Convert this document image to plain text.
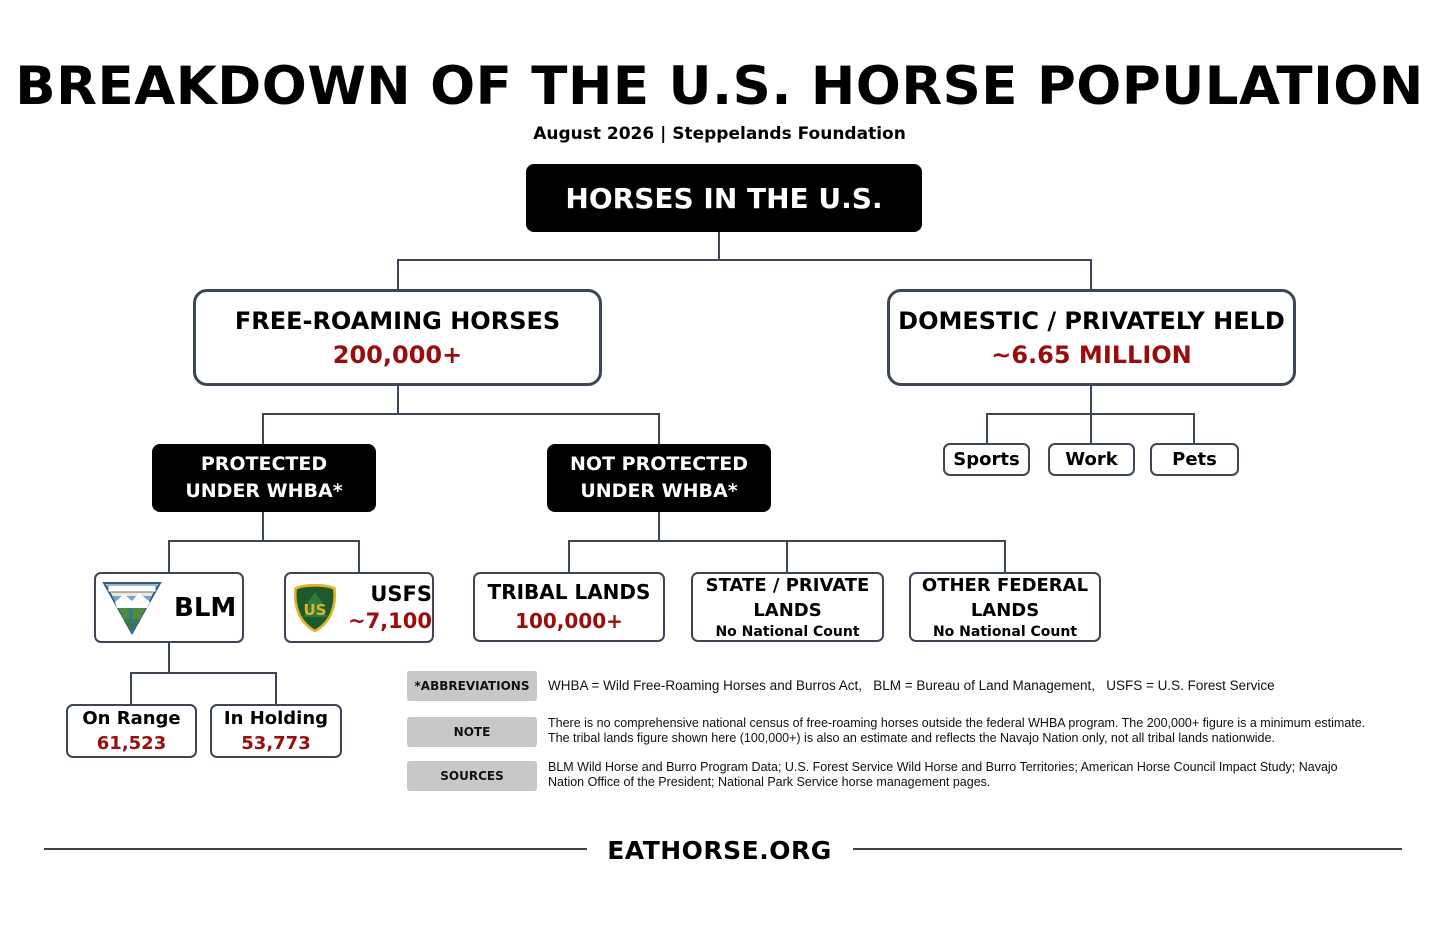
BREAKDOWN OF THE U.S. HORSE POPULATION
August 2026 | Steppelands Foundation
HORSES IN THE U.S.
FREE-ROAMING HORSES
200,000+
DOMESTIC / PRIVATELY HELD
~6.65 MILLION
Sports	Work	Pets
PROTECTED
UNDER WHBA*
NOT PROTECTED
UNDER WHBA*
BLM	US
USFS
~7,100
On Range
61,523
In Holding
53,773
TRIBAL LANDS
100,000+
STATE / PRIVATE
LANDS
No National Count
OTHER FEDERAL
LANDS
No National Count
*ABBREVIATIONS WHBA = Wild Free-Roaming Horses and Burros Act,   BLM = Bureau of Land Management,   USFS = U.S. Forest Service
NOTE
There is no comprehensive national census of free-roaming horses outside the federal WHBA program. The 200,000+ figure is a minimum estimate.
The tribal lands figure shown here (100,000+) is also an estimate and reflects the Navajo Nation only, not all tribal lands nationwide.
SOURCES
BLM Wild Horse and Burro Program Data; U.S. Forest Service Wild Horse and Burro Territories; American Horse Council Impact Study; Navajo
Nation Office of the President; National Park Service horse management pages.
EATHORSE.ORG
